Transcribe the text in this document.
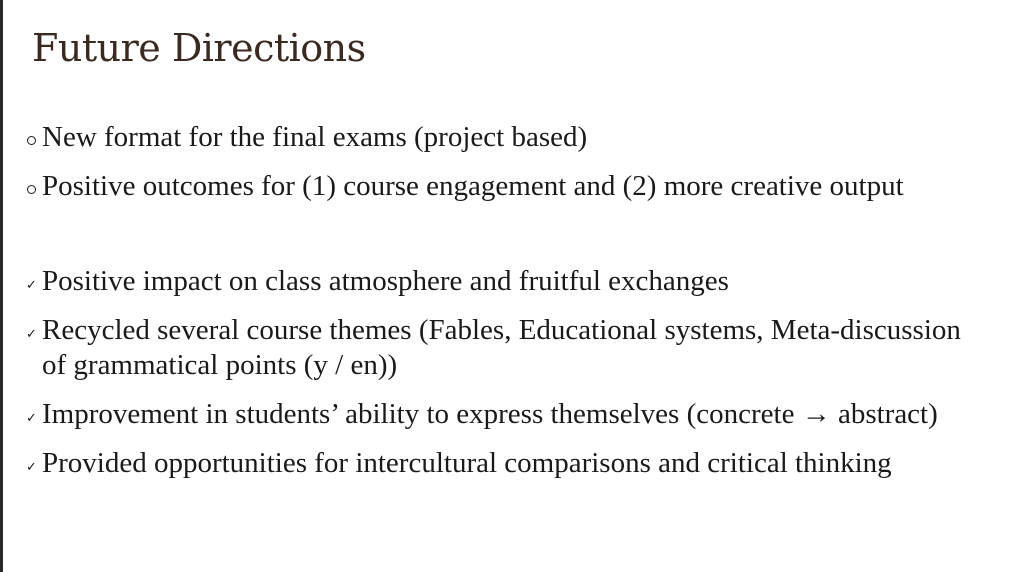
Future Directions
New format for the final exams (project based)
Positive outcomes for (1) course engagement and (2) more creative output
✓ Positive impact on class atmosphere and fruitful exchanges
✓ Recycled several course themes (Fables, Educational systems, Meta-discussion of grammatical points (y / en))
✓ Improvement in students’ ability to express themselves (concrete → abstract)
✓ Provided opportunities for intercultural comparisons and critical thinking
